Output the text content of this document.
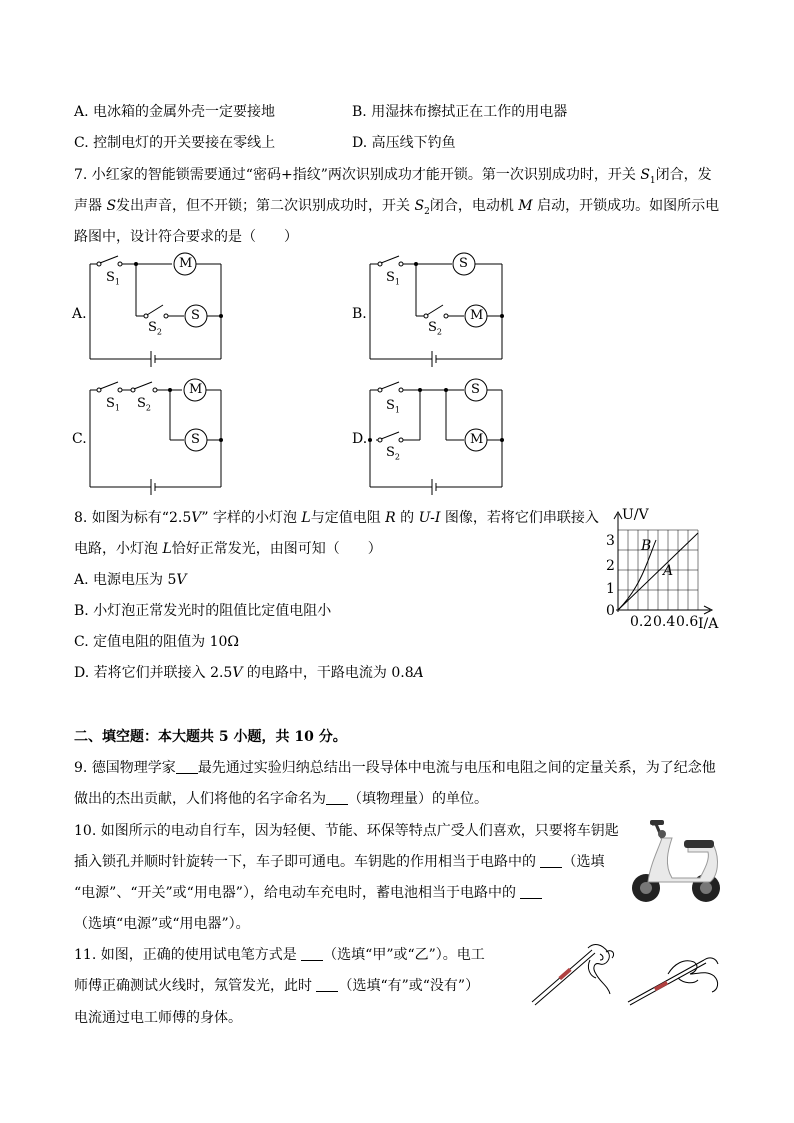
A. 电冰箱的金属外壳一定要接地	B. 用湿抹布擦拭正在工作的用电器
C. 控制电灯的开关要接在零线上	D. 高压线下钓鱼
7. 小红家的智能锁需要通过“密码+指纹”两次识别成功才能开锁。第一次识别成功时，开关 $S_1$闭合，发
声器 S发出声音，但不开锁；第二次识别成功时，开关 $S_2$闭合，电动机 M 启动，开锁成功。如图所示电
路图中，设计符合要求的是（　　）
A.	B.
C.	D.
M
S
S
M
M
S
S
M
$S_1$
$S_2$
$S_1$
$S_2$
$S_1$ $S_2$	$S_1$
$S_2$
8. 如图为标有“2.5V” 字样的小灯泡 L与定值电阻 R 的 U-I 图像，若将它们串联接入
电路，小灯泡 L恰好正常发光，由图可知（　　）
A. 电源电压为 5V
B. 小灯泡正常发光时的阻值比定值电阻小
C. 定值电阻的阻值为 10Ω
D. 若将它们并联接入 2.5V 的电路中，干路电流为 0.8A
U/V
I/A
3
2
1
0
0.2 0.4 0.6
B
A
二、填空题：本大题共 5 小题，共 10 分。
9. 德国物理学家 最先通过实验归纳总结出一段导体中电流与电压和电阻之间的定量关系，为了纪念他
做出的杰出贡献，人们将他的名字命名为 （填物理量）的单位。
10. 如图所示的电动自行车，因为轻便、节能、环保等特点广受人们喜欢，只要将车钥匙
插入锁孔并顺时针旋转一下，车子即可通电。车钥匙的作用相当于电路中的 （选填
“电源”、“开关”或“用电器”），给电动车充电时，蓄电池相当于电路中的
（选填“电源”或“用电器”）。
11. 如图，正确的使用试电笔方式是 （选填“甲”或“乙”）。电工
师傅正确测试火线时，氖管发光，此时 （选填“有”或“没有”）
电流通过电工师傅的身体。
